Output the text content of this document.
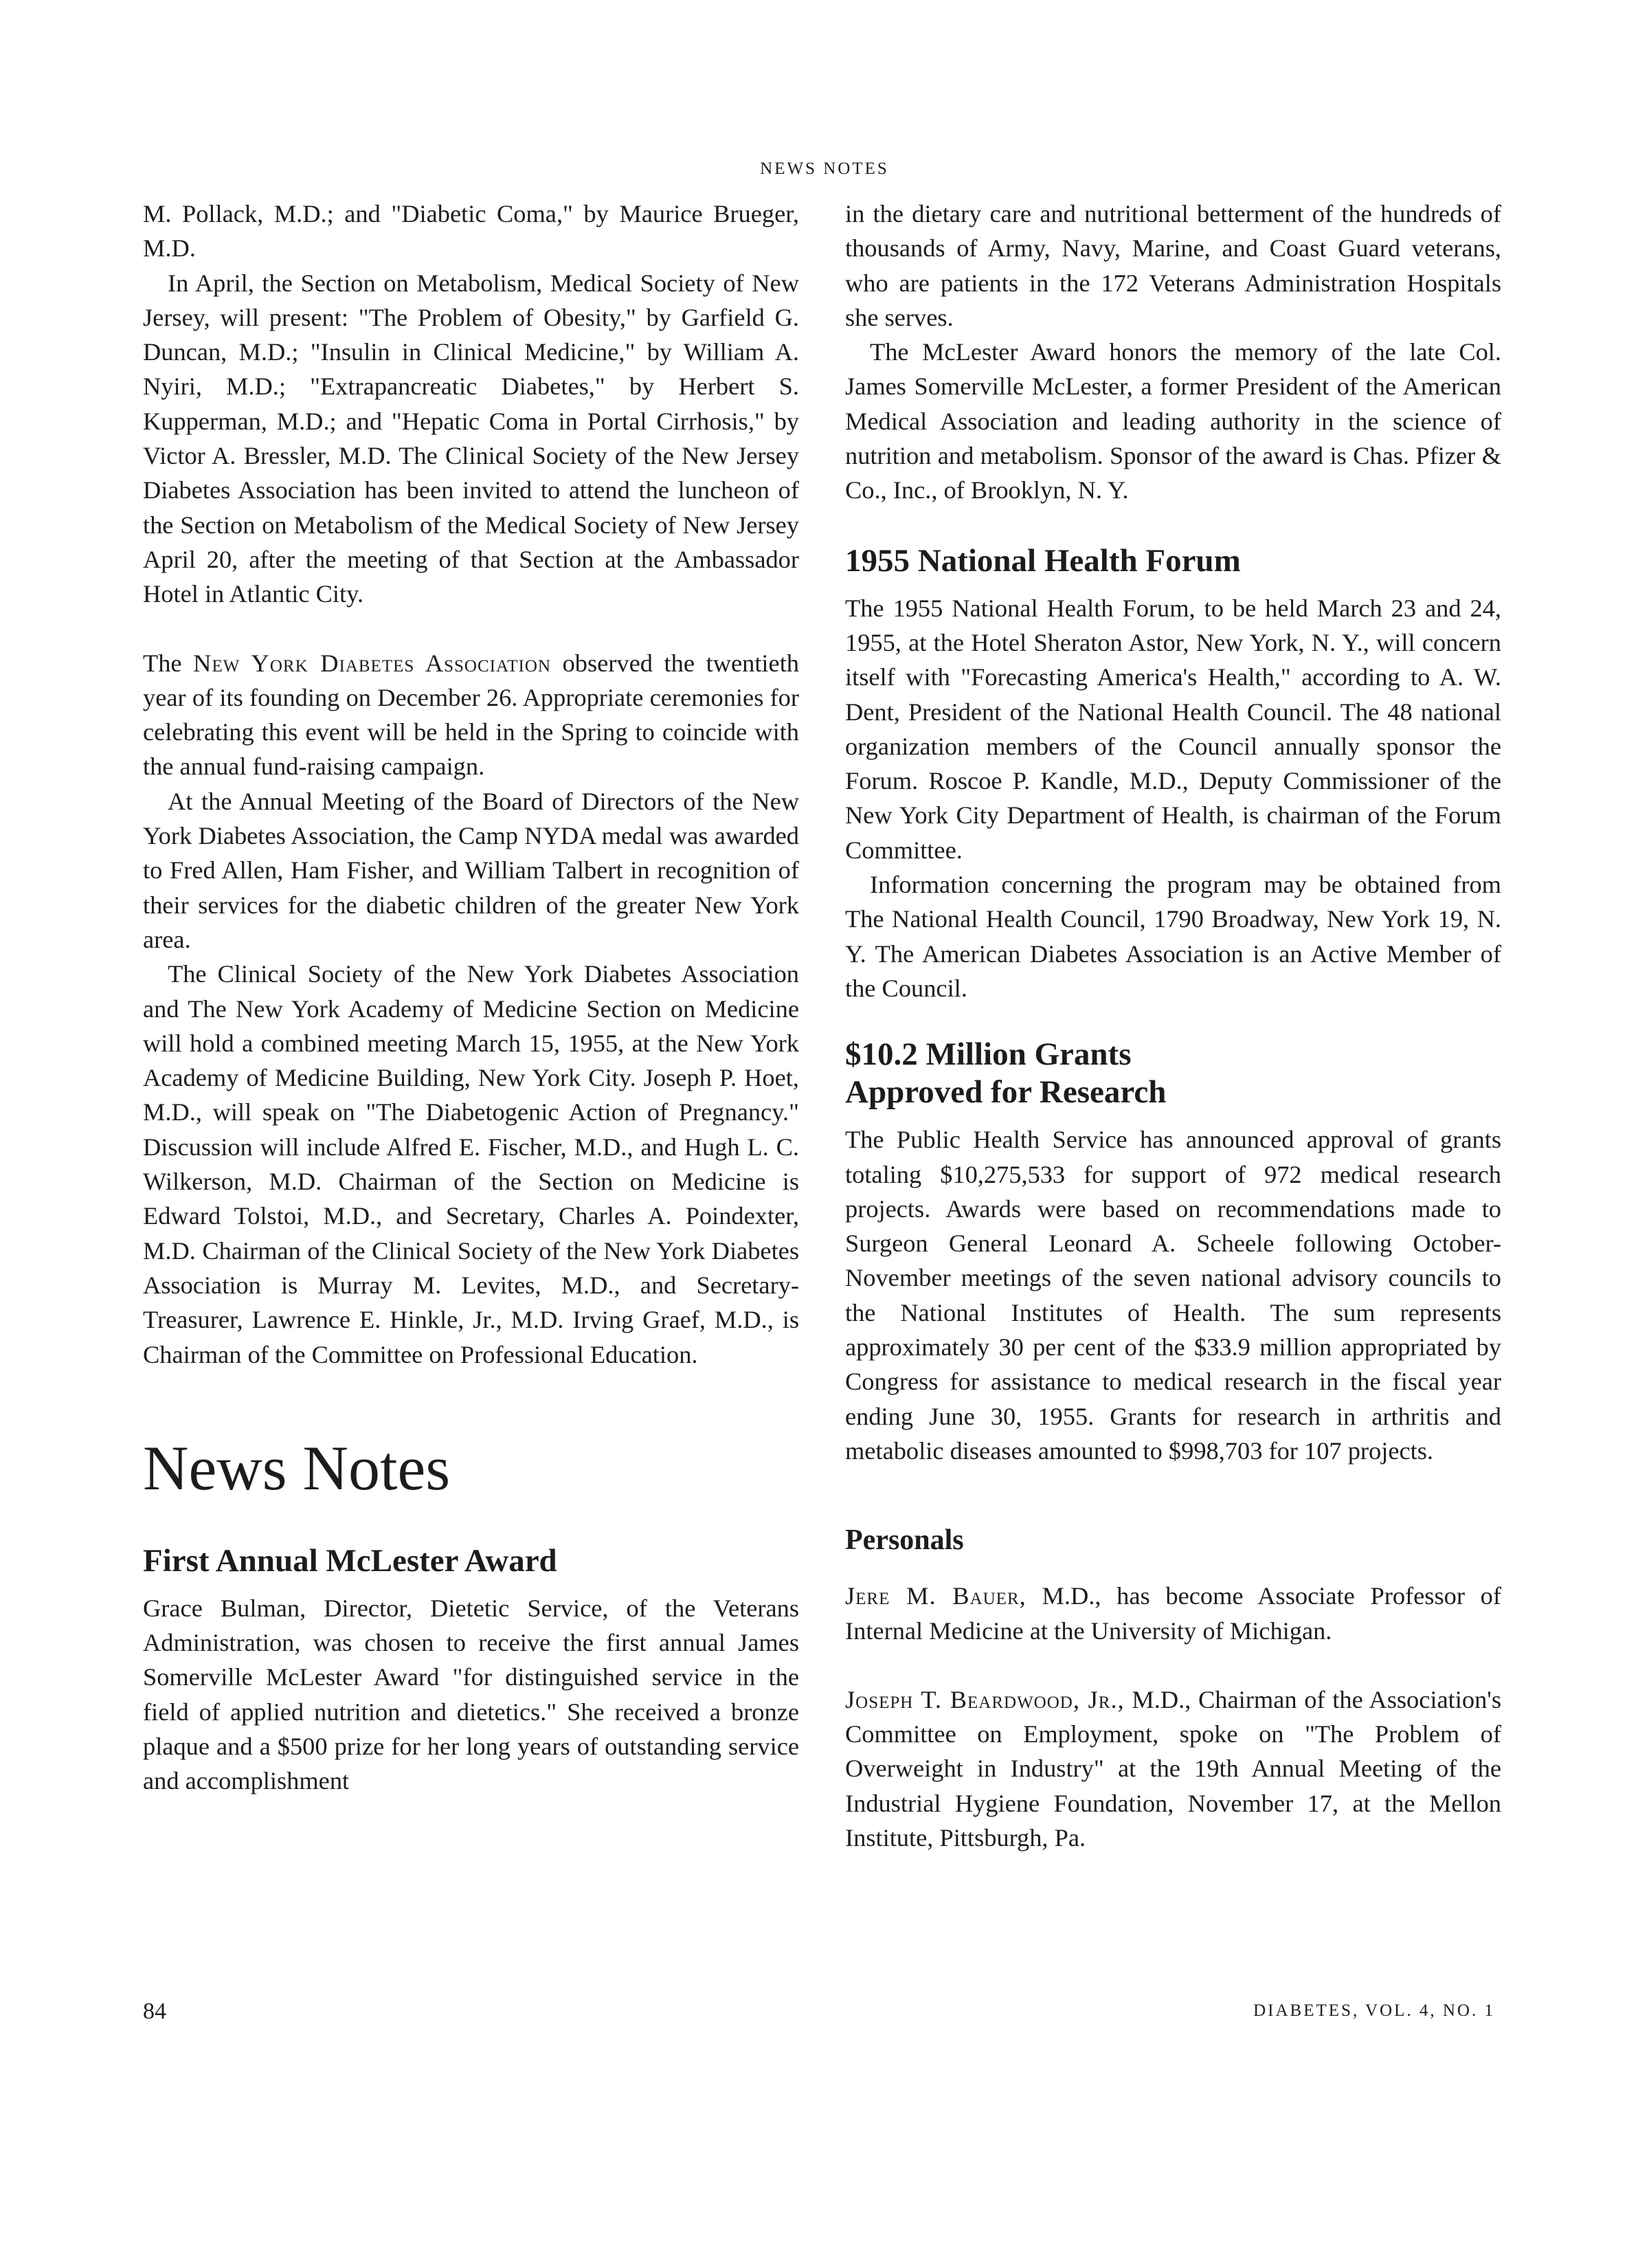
NEWS NOTES

M. Pollack, M.D.; and "Diabetic Coma," by Maurice Brueger, M.D.

In April, the Section on Metabolism, Medical Society of New Jersey, will present: "The Problem of Obesity," by Garfield G. Duncan, M.D.; "Insulin in Clinical Medicine," by William A. Nyiri, M.D.; "Extrapancreatic Diabetes," by Herbert S. Kupperman, M.D.; and "Hepatic Coma in Portal Cirrhosis," by Victor A. Bressler, M.D. The Clinical Society of the New Jersey Diabetes Association has been invited to attend the luncheon of the Section on Metabolism of the Medical Society of New Jersey April 20, after the meeting of that Section at the Ambassador Hotel in Atlantic City.

The New York Diabetes Association observed the twentieth year of its founding on December 26. Appropriate ceremonies for celebrating this event will be held in the Spring to coincide with the annual fund-raising campaign.

At the Annual Meeting of the Board of Directors of the New York Diabetes Association, the Camp NYDA medal was awarded to Fred Allen, Ham Fisher, and William Talbert in recognition of their services for the diabetic children of the greater New York area.

The Clinical Society of the New York Diabetes Association and The New York Academy of Medicine Section on Medicine will hold a combined meeting March 15, 1955, at the New York Academy of Medicine Building, New York City. Joseph P. Hoet, M.D., will speak on "The Diabetogenic Action of Pregnancy." Discussion will include Alfred E. Fischer, M.D., and Hugh L. C. Wilkerson, M.D. Chairman of the Section on Medicine is Edward Tolstoi, M.D., and Secretary, Charles A. Poindexter, M.D. Chairman of the Clinical Society of the New York Diabetes Association is Murray M. Levites, M.D., and Secretary-Treasurer, Lawrence E. Hinkle, Jr., M.D. Irving Graef, M.D., is Chairman of the Committee on Professional Education.

News Notes
First Annual McLester Award

Grace Bulman, Director, Dietetic Service, of the Veterans Administration, was chosen to receive the first annual James Somerville McLester Award "for distinguished service in the field of applied nutrition and dietetics." She received a bronze plaque and a $500 prize for her long years of outstanding service and accomplishment

in the dietary care and nutritional betterment of the hundreds of thousands of Army, Navy, Marine, and Coast Guard veterans, who are patients in the 172 Veterans Administration Hospitals she serves.

The McLester Award honors the memory of the late Col. James Somerville McLester, a former President of the American Medical Association and leading authority in the science of nutrition and metabolism. Sponsor of the award is Chas. Pfizer & Co., Inc., of Brooklyn, N. Y.

1955 National Health Forum

The 1955 National Health Forum, to be held March 23 and 24, 1955, at the Hotel Sheraton Astor, New York, N. Y., will concern itself with "Forecasting America's Health," according to A. W. Dent, President of the National Health Council. The 48 national organization members of the Council annually sponsor the Forum. Roscoe P. Kandle, M.D., Deputy Commissioner of the New York City Department of Health, is chairman of the Forum Committee.

Information concerning the program may be obtained from The National Health Council, 1790 Broadway, New York 19, N. Y. The American Diabetes Association is an Active Member of the Council.

$10.2 Million Grants
Approved for Research

The Public Health Service has announced approval of grants totaling $10,275,533 for support of 972 medical research projects. Awards were based on recommendations made to Surgeon General Leonard A. Scheele following October-November meetings of the seven national advisory councils to the National Institutes of Health. The sum represents approximately 30 per cent of the $33.9 million appropriated by Congress for assistance to medical research in the fiscal year ending June 30, 1955. Grants for research in arthritis and metabolic diseases amounted to $998,703 for 107 projects.

Personals

Jere M. Bauer, M.D., has become Associate Professor of Internal Medicine at the University of Michigan.

Joseph T. Beardwood, Jr., M.D., Chairman of the Association's Committee on Employment, spoke on "The Problem of Overweight in Industry" at the 19th Annual Meeting of the Industrial Hygiene Foundation, November 17, at the Mellon Institute, Pittsburgh, Pa.

84	DIABETES, VOL. 4, NO. 1
